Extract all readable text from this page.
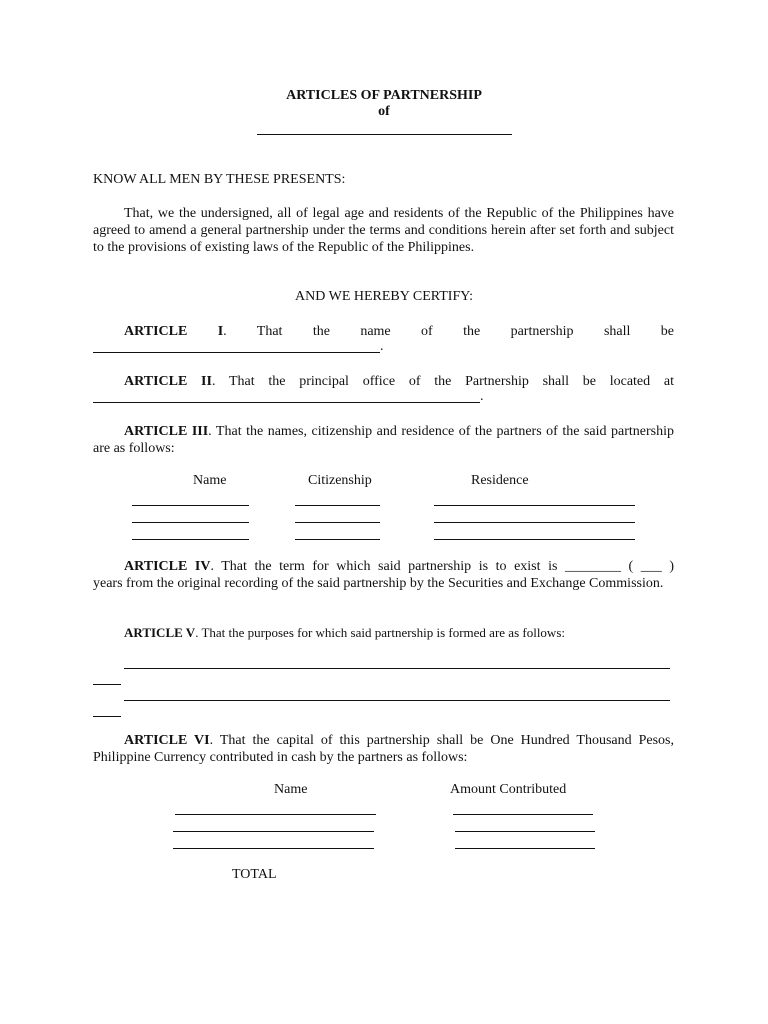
ARTICLES OF PARTNERSHIP
of
KNOW ALL MEN BY THESE PRESENTS:
That, we the undersigned, all of legal age and residents of the Republic of the Philippines have agreed to amend a general partnership under the terms and conditions herein after set forth and subject to the provisions of existing laws of the Republic of the Philippines.
AND WE HEREBY CERTIFY:
ARTICLE I. That the name of the partnership shall be
.
ARTICLE II. That the principal office of the Partnership shall be located at
.
ARTICLE III. That the names, citizenship and residence of the partners of the said partnership are as follows:
Name	Citizenship	Residence
ARTICLE IV. That the term for which said partnership is to exist is ________ ( ___ )
years from the original recording of the said partnership by the Securities and Exchange Commission.
ARTICLE V. That the purposes for which said partnership is formed are as follows:
ARTICLE VI. That the capital of this partnership shall be One Hundred Thousand Pesos, Philippine Currency contributed in cash by the partners as follows:
Name	Amount Contributed
TOTAL
